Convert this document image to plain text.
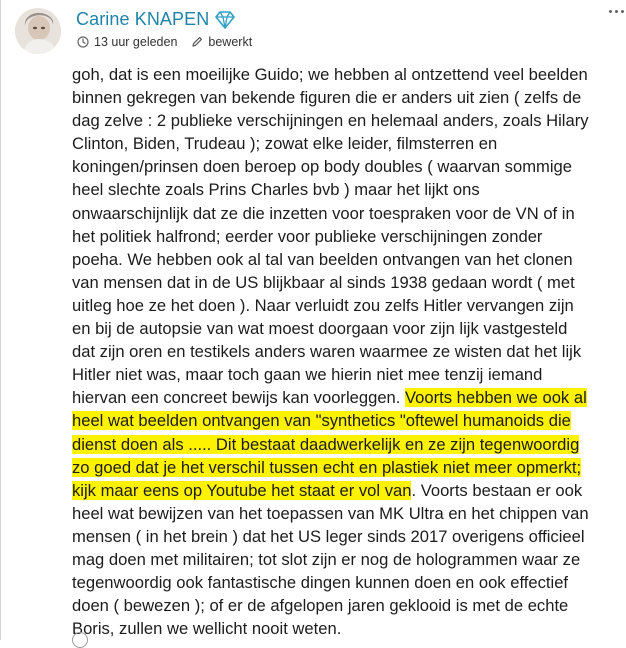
Carine KNAPEN
13 uur geleden bewerkt
goh, dat is een moeilijke Guido; we hebben al ontzettend veel beelden
binnen gekregen van bekende figuren die er anders uit zien ( zelfs de
dag zelve : 2 publieke verschijningen en helemaal anders, zoals Hilary
Clinton, Biden, Trudeau ); zowat elke leider, filmsterren en
koningen/prinsen doen beroep op body doubles ( waarvan sommige
heel slechte zoals Prins Charles bvb ) maar het lijkt ons
onwaarschijnlijk dat ze die inzetten voor toespraken voor de VN of in
het politiek halfrond; eerder voor publieke verschijningen zonder
poeha. We hebben ook al tal van beelden ontvangen van het clonen
van mensen dat in de US blijkbaar al sinds 1938 gedaan wordt ( met
uitleg hoe ze het doen ). Naar verluidt zou zelfs Hitler vervangen zijn
en bij de autopsie van wat moest doorgaan voor zijn lijk vastgesteld
dat zijn oren en testikels anders waren waarmee ze wisten dat het lijk
Hitler niet was, maar toch gaan we hierin niet mee tenzij iemand
hiervan een concreet bewijs kan voorleggen. Voorts hebben we ook al
heel wat beelden ontvangen van "synthetics "oftewel humanoids die
dienst doen als ..... Dit bestaat daadwerkelijk en ze zijn tegenwoordig
zo goed dat je het verschil tussen echt en plastiek niet meer opmerkt;
kijk maar eens op Youtube het staat er vol van. Voorts bestaan er ook
heel wat bewijzen van het toepassen van MK Ultra en het chippen van
mensen ( in het brein ) dat het US leger sinds 2017 overigens officieel
mag doen met militairen; tot slot zijn er nog de hologrammen waar ze
tegenwoordig ook fantastische dingen kunnen doen en ook effectief
doen ( bewezen ); of er de afgelopen jaren geklooid is met de echte
Boris, zullen we wellicht nooit weten.
